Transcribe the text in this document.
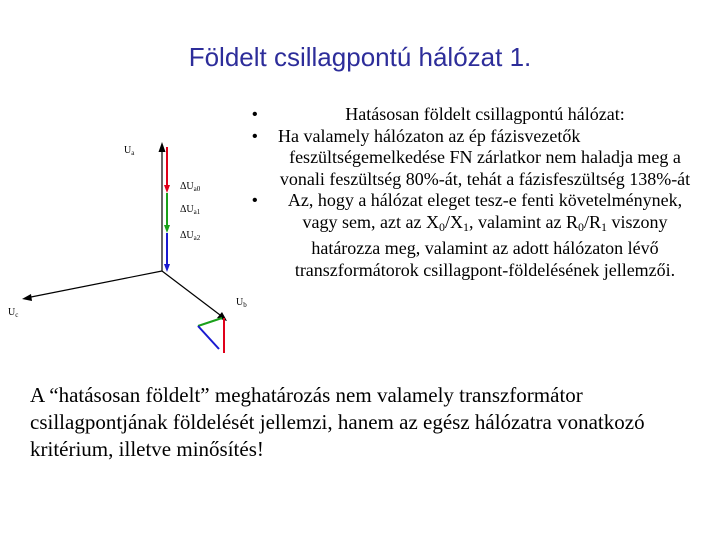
Földelt csillagpontú hálózat 1.
$U_a$
$\Delta U_{a0}$
$\Delta U_{a1}$
$\Delta U_{a2}$
$U_b$
$U_c$

•	Hatásosan földelt csillagpontú hálózat:

• Ha valamely hálózaton az ép fázisvezetők
feszültségemelkedése FN zárlatkor nem haladja meg a vonali feszültség 80%-át, tehát a fázisfeszültség 138%-át

•	Az, hogy a hálózat eleget tesz-e fenti követelménynek, vagy sem, azt az $X_0/X_1$, valamint az $R_0/R_1$ viszony határozza meg, valamint az adott hálózaton lévő transzformátorok csillagpont-földelésének jellemzői.

A “hatásosan földelt” meghatározás nem valamely transzformátor csillagpontjának földelését jellemzi, hanem az egész hálózatra vonatkozó kritérium, illetve minősítés!
